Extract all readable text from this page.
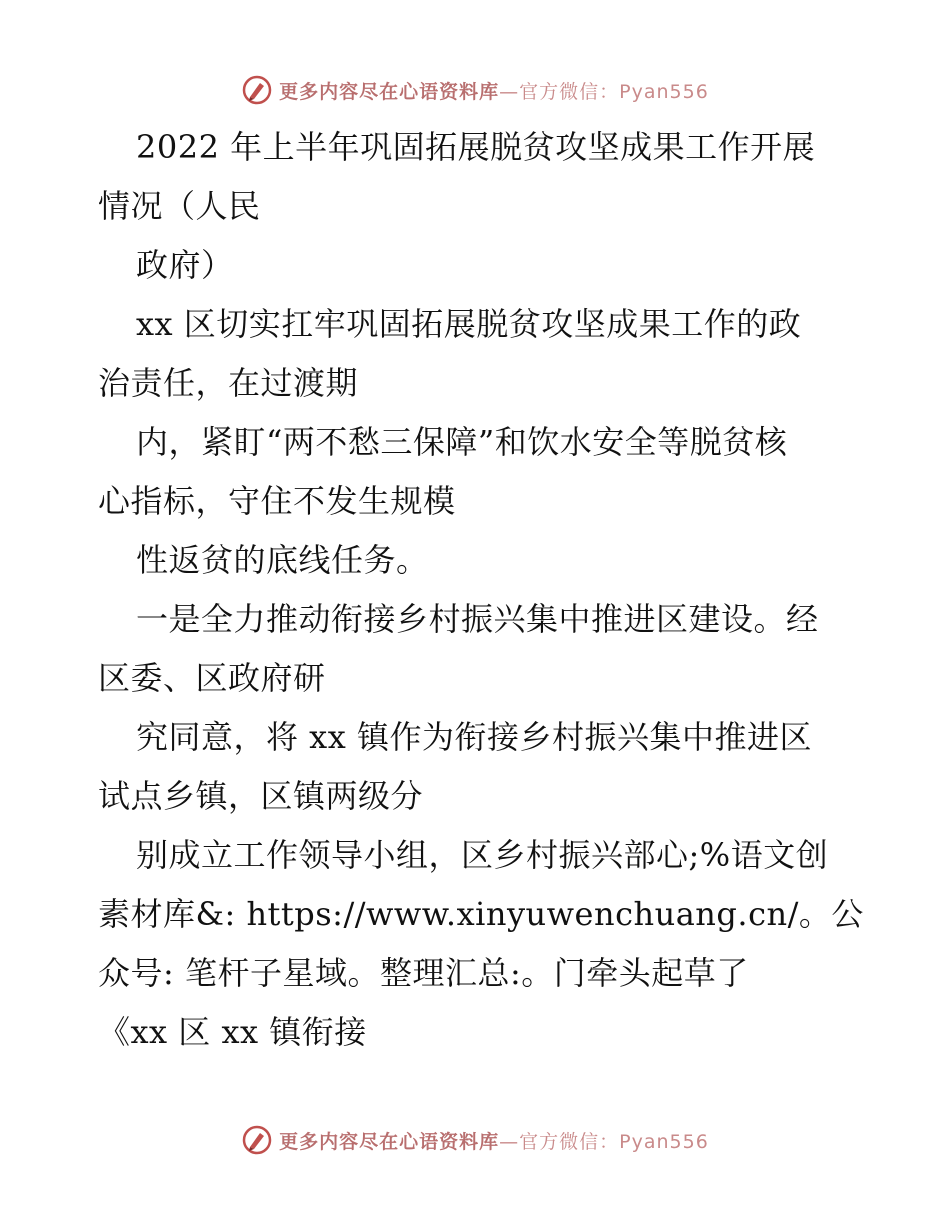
更多内容尽在心语资料库—官方微信：Pyan556
2022 年上半年巩固拓展脱贫攻坚成果工作开展
情况（人民
政府）
xx 区切实扛牢巩固拓展脱贫攻坚成果工作的政
治责任，在过渡期
内，紧盯“两不愁三保障”和饮水安全等脱贫核
心指标，守住不发生规模
性返贫的底线任务。
一是全力推动衔接乡村振兴集中推进区建设。经
区委、区政府研
究同意，将 xx 镇作为衔接乡村振兴集中推进区
试点乡镇，区镇两级分
别成立工作领导小组，区乡村振兴部心;%语文创
素材库&: https://www.xinyuwenchuang.cn/。公
众号: 笔杆子星域。整理汇总:。门牵头起草了
《xx 区 xx 镇衔接
更多内容尽在心语资料库—官方微信：Pyan556
